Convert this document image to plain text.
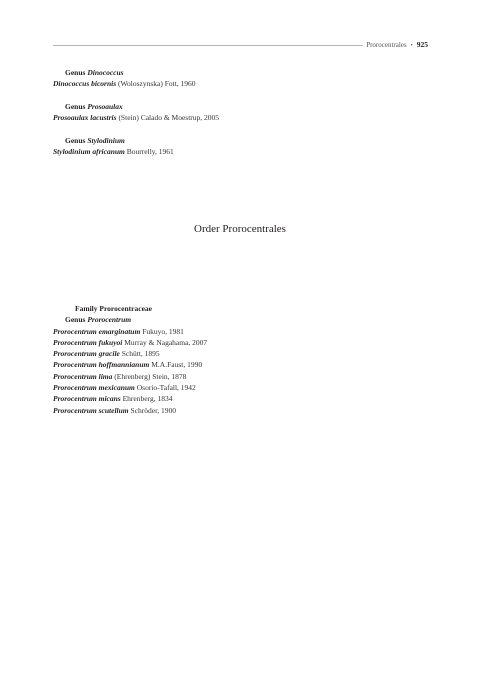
Prorocentrales • 925
Genus Dinococcus
Dinococcus bicornis (Woloszynska) Fott, 1960
Genus Prosoaulax
Prosoaulax lacustris (Stein) Calado & Moestrup, 2005
Genus Stylodinium
Stylodinium africanum Bourrelly, 1961
Order Prorocentrales
Family Prorocentraceae
Genus Prorocentrum
Prorocentrum emarginatum Fukuyo, 1981
Prorocentrum fukuyoi Murray & Nagahama, 2007
Prorocentrum gracile Schütt, 1895
Prorocentrum hoffmannianum M.A.Faust, 1990
Prorocentrum lima (Ehrenberg) Stein, 1878
Prorocentrum mexicanum Osorio-Tafall, 1942
Prorocentrum micans Ehrenberg, 1834
Prorocentrum scutellum Schröder, 1900
